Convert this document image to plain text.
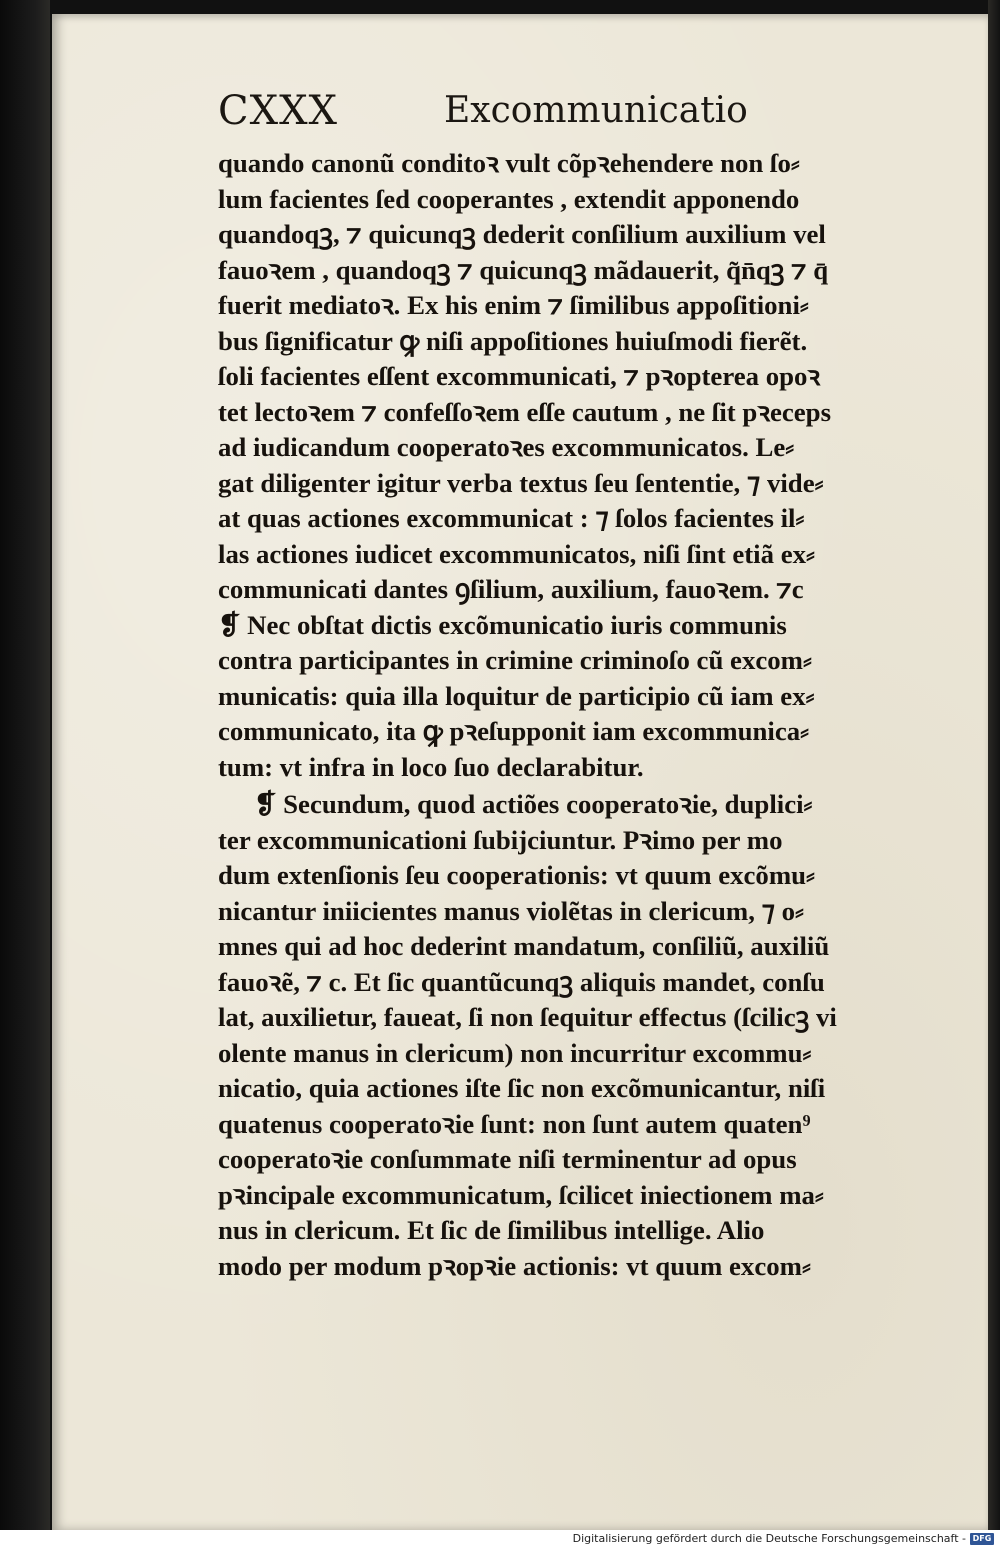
CXXX	Excommunicatio
quando canonũ conditoꝛ vult cõpꝛehendere non ſo⸗
lum facientes ſed cooperantes , extendit apponendo
quandoqꝫ, ⁊ quicunqꝫ dederit conſilium auxilium vel
fauoꝛem , quandoqꝫ ⁊ quicunqꝫ mãdauerit, q̃n̄qꝫ ⁊ q̄
fuerit mediatoꝛ. Ex his enim ⁊ ſimilibus appoſitioni⸗
bus ſignificatur ꝙ niſi appoſitiones huiuſmodi fierẽt.
ſoli facientes eſſent excommunicati, ⁊ pꝛopterea opoꝛ
tet lectoꝛem ⁊ confeſſoꝛem eſſe cautum , ne ſit pꝛeceps
ad iudicandum cooperatoꝛes excommunicatos. Le⸗
gat diligenter igitur verba textus ſeu ſententie, ⁊ vide⸗
at quas actiones excommunicat : ⁊ ſolos facientes il⸗
las actiones iudicet excommunicatos, niſi ſint etiã ex⸗
communicati dantes ꝯſilium, auxilium, fauoꝛem. ⁊c
❡ Nec obſtat dictis excõmunicatio iuris communis
contra participantes in crimine criminoſo cũ excom⸗
municatis: quia illa loquitur de participio cũ iam ex⸗
communicato, ita ꝙ pꝛeſupponit iam excommunica⸗
tum: vt infra in loco ſuo declarabitur.
❡ Secundum, quod actiões cooperatoꝛie, duplici⸗
ter excommunicationi ſubijciuntur. Pꝛimo per mo
dum extenſionis ſeu cooperationis: vt quum excõmu⸗
nicantur iniicientes manus violẽtas in clericum, ⁊ o⸗
mnes qui ad hoc dederint mandatum, conſiliũ, auxiliũ
fauoꝛẽ, ⁊ c. Et ſic quantũcunqꝫ aliquis mandet, conſu
lat, auxilietur, faueat, ſi non ſequitur effectus (ſcilicꝫ vi
olente manus in clericum) non incurritur excommu⸗
nicatio, quia actiones iſte ſic non excõmunicantur, niſi
quatenus cooperatoꝛie ſunt: non ſunt autem quaten⁹
cooperatoꝛie conſummate niſi terminentur ad opus
pꝛincipale excommunicatum, ſcilicet iniectionem ma⸗
nus in clericum. Et ſic de ſimilibus intellige. Alio
modo per modum pꝛopꝛie actionis: vt quum excom⸗
Digitalisierung gefördert durch die Deutsche Forschungsgemeinschaft - DFG
